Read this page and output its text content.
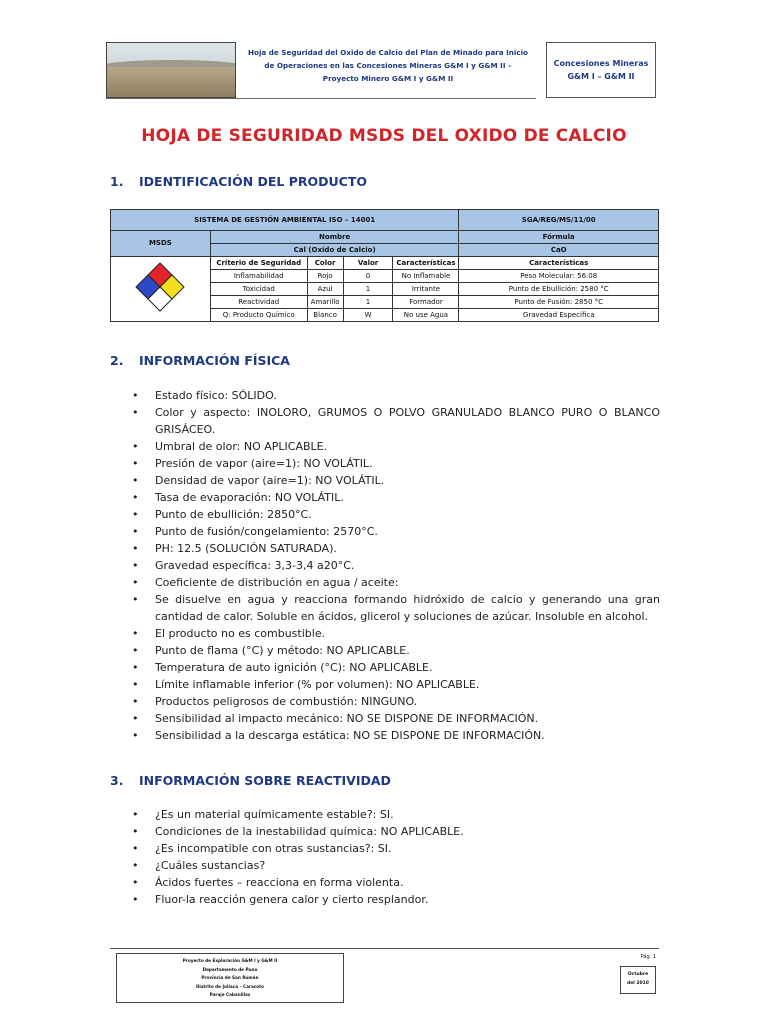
Hoja de Seguridad del Oxido de Calcio del Plan de Minado para Inicio
de Operaciones en las Concesiones Mineras G&M I y G&M II –
Proyecto Minero G&M I y G&M II
Concesiones Mineras
G&M I – G&M II
HOJA DE SEGURIDAD MSDS DEL OXIDO DE CALCIO
1. IDENTIFICACIÓN DEL PRODUCTO
SISTEMA DE GESTIÓN AMBIENTAL ISO – 14001					SGA/REG/MS/11/00
MSDS	Nombre				Fórmula
	Cal (Oxido de Calcio)				CaO
	Criterio de Seguridad	Color	Valor	Características	Características
	Inflamabilidad	Rojo	0	No Inflamable	Peso Molecular: 56.08
	Toxicidad	Azul	1	Irritante	Punto de Ebullición: 2580 °C
	Reactividad	Amarillo	1	Formador	Punto de Fusión: 2850 °C
	Q: Producto Químico	Blanco	W	No use Agua	Gravedad Específica
2. INFORMACIÓN FÍSICA
• Estado físico: SÓLIDO.
• Color y aspecto: INOLORO, GRUMOS O POLVO GRANULADO BLANCO PURO O BLANCO GRISÁCEO.
• Umbral de olor: NO APLICABLE.
• Presión de vapor (aire=1): NO VOLÁTIL.
• Densidad de vapor (aire=1): NO VOLÁTIL.
• Tasa de evaporación: NO VOLÁTIL.
• Punto de ebullición: 2850°C.
• Punto de fusión/congelamiento: 2570°C.
• PH: 12.5 (SOLUCIÓN SATURADA).
• Gravedad específica: 3,3-3,4 a20°C.
• Coeficiente de distribución en agua / aceite:
• Se disuelve en agua y reacciona formando hidróxido de calcio y generando una gran cantidad de calor. Soluble en ácidos, glicerol y soluciones de azúcar. Insoluble en alcohol.
• El producto no es combustible.
• Punto de flama (°C) y método: NO APLICABLE.
• Temperatura de auto ignición (°C): NO APLICABLE.
• Límite inflamable inferior (% por volumen): NO APLICABLE.
• Productos peligrosos de combustión: NINGUNO.
• Sensibilidad al impacto mecánico: NO SE DISPONE DE INFORMACIÓN.
• Sensibilidad a la descarga estática: NO SE DISPONE DE INFORMACIÓN.
3. INFORMACIÓN SOBRE REACTIVIDAD
• ¿Es un material químicamente estable?: SI.
• Condiciones de la inestabilidad química: NO APLICABLE.
• ¿Es incompatible con otras sustancias?: SI.
• ¿Cuáles sustancias?
• Ácidos fuertes – reacciona en forma violenta.
• Fluor-la reacción genera calor y cierto resplandor.
Proyecto de Exploración G&M I y G&M II
Departamento de Puno
Provincia de San Román
Distrito de Juliaca – Caracoto
Paraje Cabanillas
Pág. 1
Octubre
del 2010
